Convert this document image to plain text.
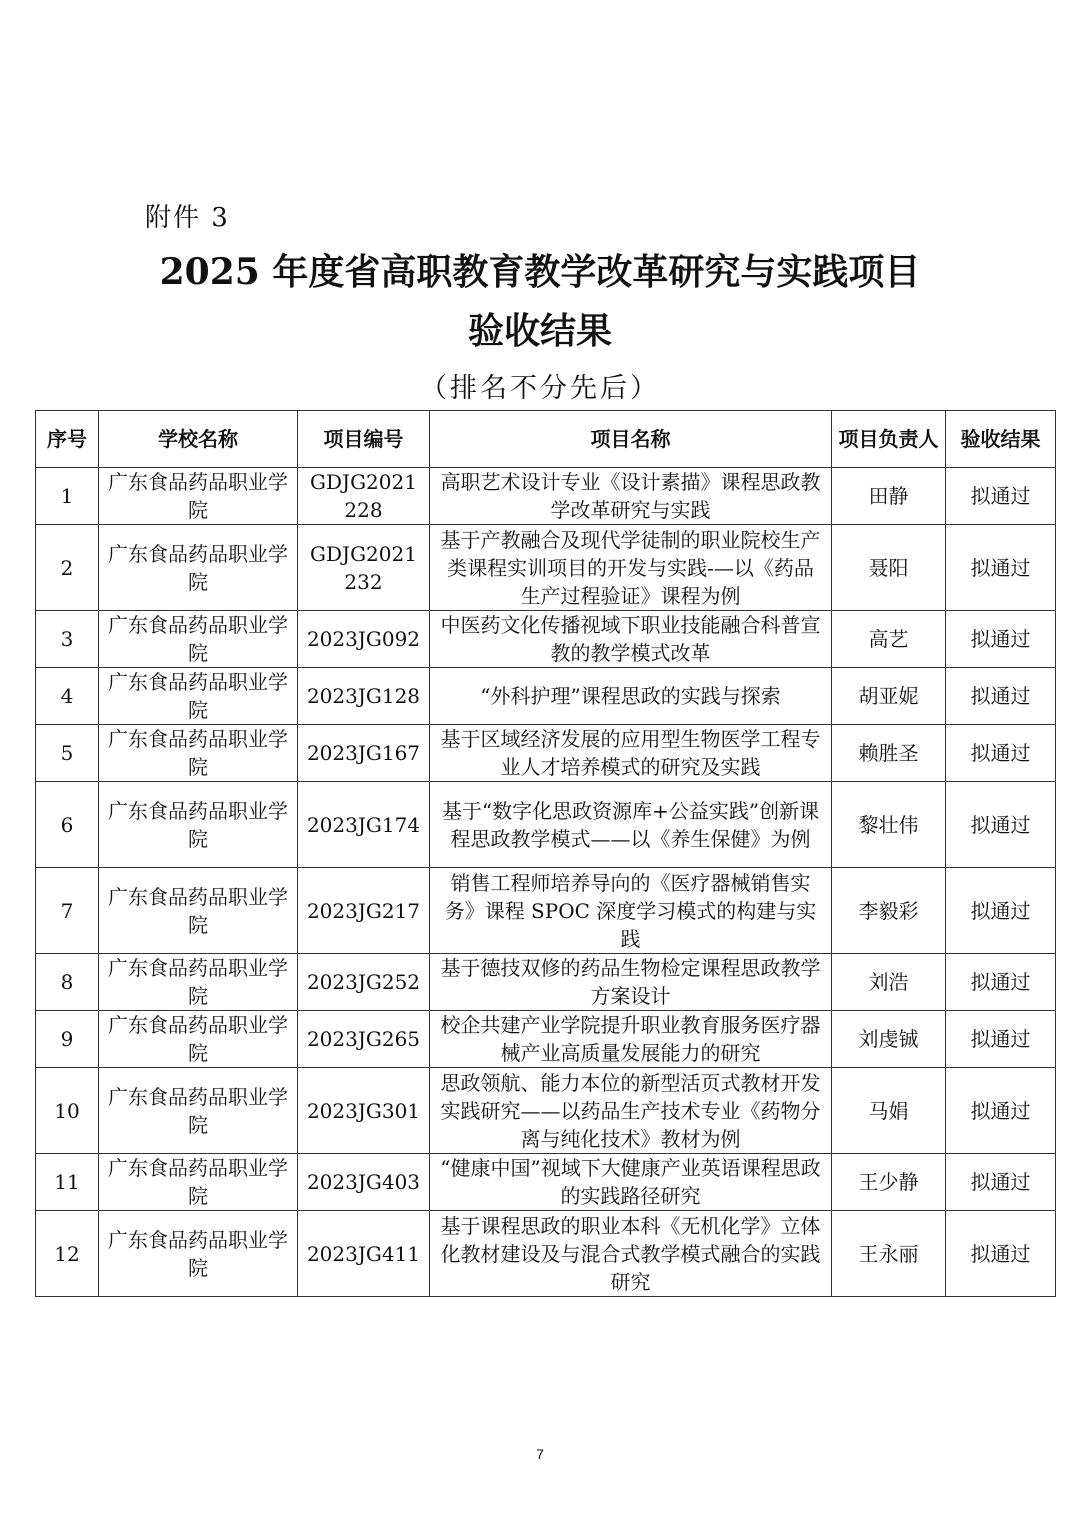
附件 3
2025 年度省高职教育教学改革研究与实践项目
验收结果
（排名不分先后）
序号	学校名称	项目编号	项目名称	项目负责人	验收结果
1	广东食品药品职业学院	GDJG2021228	高职艺术设计专业《设计素描》课程思政教学改革研究与实践	田静	拟通过
2	广东食品药品职业学院	GDJG2021232	基于产教融合及现代学徒制的职业院校生产类课程实训项目的开发与实践-—以《药品生产过程验证》课程为例	聂阳	拟通过
3	广东食品药品职业学院	2023JG092	中医药文化传播视域下职业技能融合科普宣教的教学模式改革	高艺	拟通过
4	广东食品药品职业学院	2023JG128	“外科护理”课程思政的实践与探索	胡亚妮	拟通过
5	广东食品药品职业学院	2023JG167	基于区域经济发展的应用型生物医学工程专业人才培养模式的研究及实践	赖胜圣	拟通过
6	广东食品药品职业学院	2023JG174	基于“数字化思政资源库+公益实践”创新课程思政教学模式——以《养生保健》为例	黎壮伟	拟通过
7	广东食品药品职业学院	2023JG217	销售工程师培养导向的《医疗器械销售实务》课程 SPOC 深度学习模式的构建与实践	李毅彩	拟通过
8	广东食品药品职业学院	2023JG252	基于德技双修的药品生物检定课程思政教学方案设计	刘浩	拟通过
9	广东食品药品职业学院	2023JG265	校企共建产业学院提升职业教育服务医疗器械产业高质量发展能力的研究	刘虔铖	拟通过
10	广东食品药品职业学院	2023JG301	思政领航、能力本位的新型活页式教材开发实践研究——以药品生产技术专业《药物分离与纯化技术》教材为例	马娟	拟通过
11	广东食品药品职业学院	2023JG403	“健康中国”视域下大健康产业英语课程思政的实践路径研究	王少静	拟通过
12	广东食品药品职业学院	2023JG411	基于课程思政的职业本科《无机化学》立体化教材建设及与混合式教学模式融合的实践研究	王永丽	拟通过
7
